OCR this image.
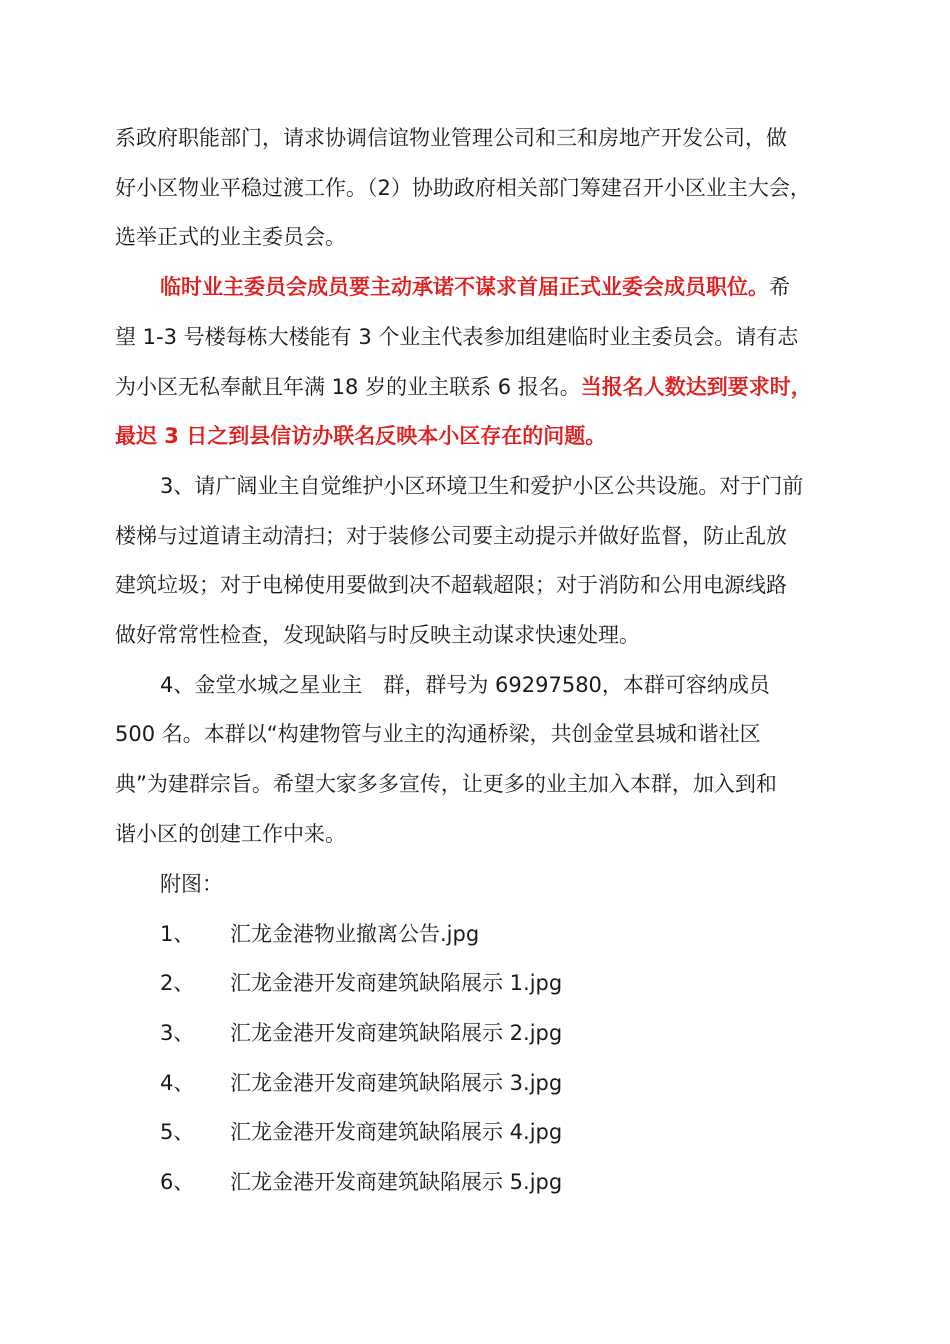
系政府职能部门，请求协调信谊物业管理公司和三和房地产开发公司，做
好小区物业平稳过渡工作。（2）协助政府相关部门筹建召开小区业主大会，
选举正式的业主委员会。
临时业主委员会成员要主动承诺不谋求首届正式业委会成员职位。希
望 1-3 号楼每栋大楼能有 3 个业主代表参加组建临时业主委员会。请有志
为小区无私奉献且年满 18 岁的业主联系 6 报名。当报名人数达到要求时，
最迟 3 日之到县信访办联名反映本小区存在的问题。
3、请广阔业主自觉维护小区环境卫生和爱护小区公共设施。对于门前
楼梯与过道请主动清扫；对于装修公司要主动提示并做好监督，防止乱放
建筑垃圾；对于电梯使用要做到决不超载超限；对于消防和公用电源线路
做好常常性检查，发现缺陷与时反映主动谋求快速处理。
4、金堂水城之星业主　群，群号为 69297580，本群可容纳成员
500 名。本群以“构建物管与业主的沟通桥梁，共创金堂县城和谐社区
典”为建群宗旨。希望大家多多宣传，让更多的业主加入本群，加入到和
谐小区的创建工作中来。
附图：
1、 汇龙金港物业撤离公告.jpg
2、 汇龙金港开发商建筑缺陷展示 1.jpg
3、 汇龙金港开发商建筑缺陷展示 2.jpg
4、 汇龙金港开发商建筑缺陷展示 3.jpg
5、 汇龙金港开发商建筑缺陷展示 4.jpg
6、 汇龙金港开发商建筑缺陷展示 5.jpg
